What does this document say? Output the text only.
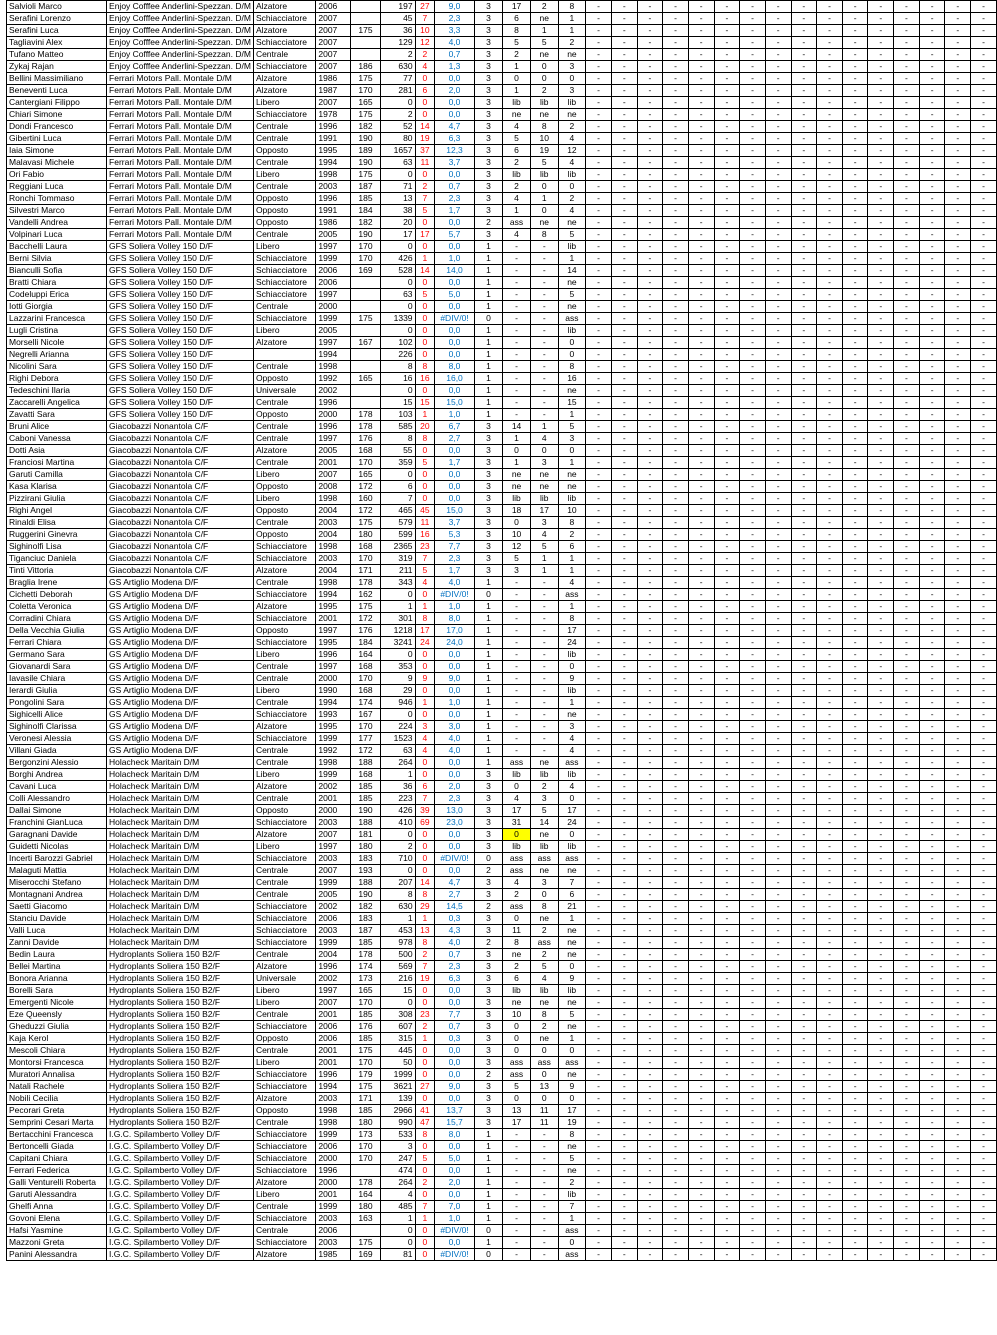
Salvioli Marco	Enjoy Cofffee Anderlini-Spezzan. D/M	Alzatore	2006		197	27	9,0	3	17	2	8	-	-	-	-	-	-	-	-	-	-	-	-	-	-	-	-
Serafini Lorenzo	Enjoy Cofffee Anderlini-Spezzan. D/M	Schiacciatore	2007		45	7	2,3	3	6	ne	1	-	-	-	-	-	-	-	-	-	-	-	-	-	-	-	-
Serafini Luca	Enjoy Cofffee Anderlini-Spezzan. D/M	Alzatore	2007	175	36	10	3,3	3	8	1	1	-	-	-	-	-	-	-	-	-	-	-	-	-	-	-	-
Tagliavini Alex	Enjoy Cofffee Anderlini-Spezzan. D/M	Schiacciatore	2007		129	12	4,0	3	5	5	2	-	-	-	-	-	-	-	-	-	-	-	-	-	-	-	-
Tufano Matteo	Enjoy Cofffee Anderlini-Spezzan. D/M	Centrale	2007		2	2	0,7	3	2	ne	ne	-	-	-	-	-	-	-	-	-	-	-	-	-	-	-	-
Zykaj Rajan	Enjoy Cofffee Anderlini-Spezzan. D/M	Schiacciatore	2007	186	630	4	1,3	3	1	0	3	-	-	-	-	-	-	-	-	-	-	-	-	-	-	-	-
Bellini Massimiliano	Ferrari Motors Pall. Montale D/M	Alzatore	1986	175	77	0	0,0	3	0	0	0	-	-	-	-	-	-	-	-	-	-	-	-	-	-	-	-
Beneventi Luca	Ferrari Motors Pall. Montale D/M	Alzatore	1987	170	281	6	2,0	3	1	2	3	-	-	-	-	-	-	-	-	-	-	-	-	-	-	-	-
Cantergiani Filippo	Ferrari Motors Pall. Montale D/M	Libero	2007	165	0	0	0,0	3	lib	lib	lib	-	-	-	-	-	-	-	-	-	-	-	-	-	-	-	-
Chiari Simone	Ferrari Motors Pall. Montale D/M	Schiacciatore	1978	175	2	0	0,0	3	ne	ne	ne	-	-	-	-	-	-	-	-	-	-	-	-	-	-	-	-
Dondi Francesco	Ferrari Motors Pall. Montale D/M	Centrale	1996	182	52	14	4,7	3	4	8	2	-	-	-	-	-	-	-	-	-	-	-	-	-	-	-	-
Gibertini Luca	Ferrari Motors Pall. Montale D/M	Centrale	1991	190	80	19	6,3	3	5	10	4	-	-	-	-	-	-	-	-	-	-	-	-	-	-	-	-
Iaia Simone	Ferrari Motors Pall. Montale D/M	Opposto	1995	189	1657	37	12,3	3	6	19	12	-	-	-	-	-	-	-	-	-	-	-	-	-	-	-	-
Malavasi Michele	Ferrari Motors Pall. Montale D/M	Centrale	1994	190	63	11	3,7	3	2	5	4	-	-	-	-	-	-	-	-	-	-	-	-	-	-	-	-
Ori Fabio	Ferrari Motors Pall. Montale D/M	Libero	1998	175	0	0	0,0	3	lib	lib	lib	-	-	-	-	-	-	-	-	-	-	-	-	-	-	-	-
Reggiani Luca	Ferrari Motors Pall. Montale D/M	Centrale	2003	187	71	2	0,7	3	2	0	0	-	-	-	-	-	-	-	-	-	-	-	-	-	-	-	-
Ronchi Tommaso	Ferrari Motors Pall. Montale D/M	Opposto	1996	185	13	7	2,3	3	4	1	2	-	-	-	-	-	-	-	-	-	-	-	-	-	-	-	-
Silvestri Marco	Ferrari Motors Pall. Montale D/M	Opposto	1991	184	38	5	1,7	3	1	0	4	-	-	-	-	-	-	-	-	-	-	-	-	-	-	-	-
Vandelli Andrea	Ferrari Motors Pall. Montale D/M	Opposto	1986	182	20	0	0,0	2	ass	ne	ne	-	-	-	-	-	-	-	-	-	-	-	-	-	-	-	-
Volpinari Luca	Ferrari Motors Pall. Montale D/M	Centrale	2005	190	17	17	5,7	3	4	8	5	-	-	-	-	-	-	-	-	-	-	-	-	-	-	-	-
Bacchelli Laura	GFS Soliera Volley 150 D/F	Libero	1997	170	0	0	0,0	1	-	-	lib	-	-	-	-	-	-	-	-	-	-	-	-	-	-	-	-
Berni Silvia	GFS Soliera Volley 150 D/F	Schiacciatore	1999	170	426	1	1,0	1	-	-	1	-	-	-	-	-	-	-	-	-	-	-	-	-	-	-	-
Bianculli Sofia	GFS Soliera Volley 150 D/F	Schiacciatore	2006	169	528	14	14,0	1	-	-	14	-	-	-	-	-	-	-	-	-	-	-	-	-	-	-	-
Bratti Chiara	GFS Soliera Volley 150 D/F	Schiacciatore	2006		0	0	0,0	1	-	-	ne	-	-	-	-	-	-	-	-	-	-	-	-	-	-	-	-
Codeluppi Erica	GFS Soliera Volley 150 D/F	Schiacciatore	1997		63	5	5,0	1	-	-	5	-	-	-	-	-	-	-	-	-	-	-	-	-	-	-	-
Iotti Giorgia	GFS Soliera Volley 150 D/F	Centrale	2000		0	0	0,0	1	-	-	ne	-	-	-	-	-	-	-	-	-	-	-	-	-	-	-	-
Lazzarini Francesca	GFS Soliera Volley 150 D/F	Schiacciatore	1999	175	1339	0	#DIV/0!	0	-	-	ass	-	-	-	-	-	-	-	-	-	-	-	-	-	-	-	-
Lugli Cristina	GFS Soliera Volley 150 D/F	Libero	2005		0	0	0,0	1	-	-	lib	-	-	-	-	-	-	-	-	-	-	-	-	-	-	-	-
Morselli Nicole	GFS Soliera Volley 150 D/F	Alzatore	1997	167	102	0	0,0	1	-	-	0	-	-	-	-	-	-	-	-	-	-	-	-	-	-	-	-
Negrelli Arianna	GFS Soliera Volley 150 D/F		1994		226	0	0,0	1	-	-	0	-	-	-	-	-	-	-	-	-	-	-	-	-	-	-	-
Nicolini Sara	GFS Soliera Volley 150 D/F	Centrale	1998		8	8	8,0	1	-	-	8	-	-	-	-	-	-	-	-	-	-	-	-	-	-	-	-
Righi Debora	GFS Soliera Volley 150 D/F	Opposto	1992	165	16	16	16,0	1	-	-	16	-	-	-	-	-	-	-	-	-	-	-	-	-	-	-	-
Tedeschini Ilaria	GFS Soliera Volley 150 D/F	Universale	2002		0	0	0,0	1	-	-	ne	-	-	-	-	-	-	-	-	-	-	-	-	-	-	-	-
Zaccarelli Angelica	GFS Soliera Volley 150 D/F	Centrale	1996		15	15	15,0	1	-	-	15	-	-	-	-	-	-	-	-	-	-	-	-	-	-	-	-
Zavatti Sara	GFS Soliera Volley 150 D/F	Opposto	2000	178	103	1	1,0	1	-	-	1	-	-	-	-	-	-	-	-	-	-	-	-	-	-	-	-
Bruni Alice	Giacobazzi Nonantola C/F	Centrale	1996	178	585	20	6,7	3	14	1	5	-	-	-	-	-	-	-	-	-	-	-	-	-	-	-	-
Caboni Vanessa	Giacobazzi Nonantola C/F	Centrale	1997	176	8	8	2,7	3	1	4	3	-	-	-	-	-	-	-	-	-	-	-	-	-	-	-	-
Dotti Asia	Giacobazzi Nonantola C/F	Alzatore	2005	168	55	0	0,0	3	0	0	0	-	-	-	-	-	-	-	-	-	-	-	-	-	-	-	-
Franciosi Martina	Giacobazzi Nonantola C/F	Centrale	2001	170	359	5	1,7	3	1	3	1	-	-	-	-	-	-	-	-	-	-	-	-	-	-	-	-
Garuti Camilla	Giacobazzi Nonantola C/F	Libero	2007	165	0	0	0,0	3	ne	ne	ne	-	-	-	-	-	-	-	-	-	-	-	-	-	-	-	-
Kasa Klarisa	Giacobazzi Nonantola C/F	Opposto	2008	172	6	0	0,0	3	ne	ne	ne	-	-	-	-	-	-	-	-	-	-	-	-	-	-	-	-
Pizzirani Giulia	Giacobazzi Nonantola C/F	Libero	1998	160	7	0	0,0	3	lib	lib	lib	-	-	-	-	-	-	-	-	-	-	-	-	-	-	-	-
Righi Angel	Giacobazzi Nonantola C/F	Opposto	2004	172	465	45	15,0	3	18	17	10	-	-	-	-	-	-	-	-	-	-	-	-	-	-	-	-
Rinaldi Elisa	Giacobazzi Nonantola C/F	Centrale	2003	175	579	11	3,7	3	0	3	8	-	-	-	-	-	-	-	-	-	-	-	-	-	-	-	-
Ruggerini Ginevra	Giacobazzi Nonantola C/F	Opposto	2004	180	599	16	5,3	3	10	4	2	-	-	-	-	-	-	-	-	-	-	-	-	-	-	-	-
Sighinolfi Lisa	Giacobazzi Nonantola C/F	Schiacciatore	1998	168	2365	23	7,7	3	12	5	6	-	-	-	-	-	-	-	-	-	-	-	-	-	-	-	-
Tiganciuc Daniela	Giacobazzi Nonantola C/F	Schiacciatore	2003	170	319	7	2,3	3	5	1	1	-	-	-	-	-	-	-	-	-	-	-	-	-	-	-	-
Tinti Vittoria	Giacobazzi Nonantola C/F	Alzatore	2004	171	211	5	1,7	3	3	1	1	-	-	-	-	-	-	-	-	-	-	-	-	-	-	-	-
Braglia Irene	GS Artiglio Modena D/F	Centrale	1998	178	343	4	4,0	1	-	-	4	-	-	-	-	-	-	-	-	-	-	-	-	-	-	-	-
Cichetti Deborah	GS Artiglio Modena D/F	Schiacciatore	1994	162	0	0	#DIV/0!	0	-	-	ass	-	-	-	-	-	-	-	-	-	-	-	-	-	-	-	-
Coletta Veronica	GS Artiglio Modena D/F	Alzatore	1995	175	1	1	1,0	1	-	-	1	-	-	-	-	-	-	-	-	-	-	-	-	-	-	-	-
Corradini Chiara	GS Artiglio Modena D/F	Schiacciatore	2001	172	301	8	8,0	1	-	-	8	-	-	-	-	-	-	-	-	-	-	-	-	-	-	-	-
Della Vecchia Giulia	GS Artiglio Modena D/F	Opposto	1997	176	1218	17	17,0	1	-	-	17	-	-	-	-	-	-	-	-	-	-	-	-	-	-	-	-
Ferrari Chiara	GS Artiglio Modena D/F	Schiacciatore	1995	184	3241	24	24,0	1	-	-	24	-	-	-	-	-	-	-	-	-	-	-	-	-	-	-	-
Germano Sara	GS Artiglio Modena D/F	Libero	1996	164	0	0	0,0	1	-	-	lib	-	-	-	-	-	-	-	-	-	-	-	-	-	-	-	-
Giovanardi Sara	GS Artiglio Modena D/F	Centrale	1997	168	353	0	0,0	1	-	-	0	-	-	-	-	-	-	-	-	-	-	-	-	-	-	-	-
Iavasile Chiara	GS Artiglio Modena D/F	Centrale	2000	170	9	9	9,0	1	-	-	9	-	-	-	-	-	-	-	-	-	-	-	-	-	-	-	-
Ierardi Giulia	GS Artiglio Modena D/F	Libero	1990	168	29	0	0,0	1	-	-	lib	-	-	-	-	-	-	-	-	-	-	-	-	-	-	-	-
Pongolini Sara	GS Artiglio Modena D/F	Centrale	1994	174	946	1	1,0	1	-	-	1	-	-	-	-	-	-	-	-	-	-	-	-	-	-	-	-
Sighicelli Alice	GS Artiglio Modena D/F	Schiacciatore	1993	167	0	0	0,0	1	-	-	ne	-	-	-	-	-	-	-	-	-	-	-	-	-	-	-	-
Sighinolfi Clarissa	GS Artiglio Modena D/F	Alzatore	1995	170	224	3	3,0	1	-	-	3	-	-	-	-	-	-	-	-	-	-	-	-	-	-	-	-
Veronesi Alessia	GS Artiglio Modena D/F	Schiacciatore	1999	177	1523	4	4,0	1	-	-	4	-	-	-	-	-	-	-	-	-	-	-	-	-	-	-	-
Villani Giada	GS Artiglio Modena D/F	Centrale	1992	172	63	4	4,0	1	-	-	4	-	-	-	-	-	-	-	-	-	-	-	-	-	-	-	-
Bergonzini Alessio	Holacheck Maritain D/M	Centrale	1998	188	264	0	0,0	1	ass	ne	ass	-	-	-	-	-	-	-	-	-	-	-	-	-	-	-	-
Borghi Andrea	Holacheck Maritain D/M	Libero	1999	168	1	0	0,0	3	lib	lib	lib	-	-	-	-	-	-	-	-	-	-	-	-	-	-	-	-
Cavani Luca	Holacheck Maritain D/M	Alzatore	2002	185	36	6	2,0	3	0	2	4	-	-	-	-	-	-	-	-	-	-	-	-	-	-	-	-
Colli Alessandro	Holacheck Maritain D/M	Centrale	2001	185	223	7	2,3	3	4	3	0	-	-	-	-	-	-	-	-	-	-	-	-	-	-	-	-
Dallai Simone	Holacheck Maritain D/M	Opposto	2000	190	426	39	13,0	3	17	5	17	-	-	-	-	-	-	-	-	-	-	-	-	-	-	-	-
Franchini GianLuca	Holacheck Maritain D/M	Schiacciatore	2003	188	410	69	23,0	3	31	14	24	-	-	-	-	-	-	-	-	-	-	-	-	-	-	-	-
Garagnani Davide	Holacheck Maritain D/M	Alzatore	2007	181	0	0	0,0	3	0	ne	0	-	-	-	-	-	-	-	-	-	-	-	-	-	-	-	-
Guidetti Nicolas	Holacheck Maritain D/M	Libero	1997	180	2	0	0,0	3	lib	lib	lib	-	-	-	-	-	-	-	-	-	-	-	-	-	-	-	-
Incerti Barozzi Gabriel	Holacheck Maritain D/M	Schiacciatore	2003	183	710	0	#DIV/0!	0	ass	ass	ass	-	-	-	-	-	-	-	-	-	-	-	-	-	-	-	-
Malaguti Mattia	Holacheck Maritain D/M	Centrale	2007	193	0	0	0,0	2	ass	ne	ne	-	-	-	-	-	-	-	-	-	-	-	-	-	-	-	-
Miserocchi Stefano	Holacheck Maritain D/M	Centrale	1999	188	207	14	4,7	3	4	3	7	-	-	-	-	-	-	-	-	-	-	-	-	-	-	-	-
Montagnani Andrea	Holacheck Maritain D/M	Centrale	2005	190	8	8	2,7	3	2	0	6	-	-	-	-	-	-	-	-	-	-	-	-	-	-	-	-
Saetti Giacomo	Holacheck Maritain D/M	Schiacciatore	2002	182	630	29	14,5	2	ass	8	21	-	-	-	-	-	-	-	-	-	-	-	-	-	-	-	-
Stanciu Davide	Holacheck Maritain D/M	Schiacciatore	2006	183	1	1	0,3	3	0	ne	1	-	-	-	-	-	-	-	-	-	-	-	-	-	-	-	-
Valli Luca	Holacheck Maritain D/M	Schiacciatore	2003	187	453	13	4,3	3	11	2	ne	-	-	-	-	-	-	-	-	-	-	-	-	-	-	-	-
Zanni Davide	Holacheck Maritain D/M	Schiacciatore	1999	185	978	8	4,0	2	8	ass	ne	-	-	-	-	-	-	-	-	-	-	-	-	-	-	-	-
Bedin Laura	Hydroplants Soliera 150 B2/F	Centrale	2004	178	500	2	0,7	3	ne	2	ne	-	-	-	-	-	-	-	-	-	-	-	-	-	-	-	-
Bellei Martina	Hydroplants Soliera 150 B2/F	Alzatore	1996	174	569	7	2,3	3	2	5	0	-	-	-	-	-	-	-	-	-	-	-	-	-	-	-	-
Bonora Arianna	Hydroplants Soliera 150 B2/F	Universale	2002	173	216	19	6,3	3	6	4	9	-	-	-	-	-	-	-	-	-	-	-	-	-	-	-	-
Borelli Sara	Hydroplants Soliera 150 B2/F	Libero	1997	165	15	0	0,0	3	lib	lib	lib	-	-	-	-	-	-	-	-	-	-	-	-	-	-	-	-
Emergenti Nicole	Hydroplants Soliera 150 B2/F	Libero	2007	170	0	0	0,0	3	ne	ne	ne	-	-	-	-	-	-	-	-	-	-	-	-	-	-	-	-
Eze Queensly	Hydroplants Soliera 150 B2/F	Centrale	2001	185	308	23	7,7	3	10	8	5	-	-	-	-	-	-	-	-	-	-	-	-	-	-	-	-
Gheduzzi Giulia	Hydroplants Soliera 150 B2/F	Schiacciatore	2006	176	607	2	0,7	3	0	2	ne	-	-	-	-	-	-	-	-	-	-	-	-	-	-	-	-
Kaja Kerol	Hydroplants Soliera 150 B2/F	Opposto	2006	185	315	1	0,3	3	0	ne	1	-	-	-	-	-	-	-	-	-	-	-	-	-	-	-	-
Mescoli Chiara	Hydroplants Soliera 150 B2/F	Centrale	2001	175	445	0	0,0	3	0	0	0	-	-	-	-	-	-	-	-	-	-	-	-	-	-	-	-
Montorsi Francesca	Hydroplants Soliera 150 B2/F	Libero	2001	170	50	0	0,0	3	ass	ass	ass	-	-	-	-	-	-	-	-	-	-	-	-	-	-	-	-
Muratori Annalisa	Hydroplants Soliera 150 B2/F	Schiacciatore	1996	179	1999	0	0,0	2	ass	0	ne	-	-	-	-	-	-	-	-	-	-	-	-	-	-	-	-
Natali Rachele	Hydroplants Soliera 150 B2/F	Schiacciatore	1994	175	3621	27	9,0	3	5	13	9	-	-	-	-	-	-	-	-	-	-	-	-	-	-	-	-
Nobili Cecilia	Hydroplants Soliera 150 B2/F	Alzatore	2003	171	139	0	0,0	3	0	0	0	-	-	-	-	-	-	-	-	-	-	-	-	-	-	-	-
Pecorari Greta	Hydroplants Soliera 150 B2/F	Opposto	1998	185	2966	41	13,7	3	13	11	17	-	-	-	-	-	-	-	-	-	-	-	-	-	-	-	-
Semprini Cesari Marta	Hydroplants Soliera 150 B2/F	Centrale	1998	180	990	47	15,7	3	17	11	19	-	-	-	-	-	-	-	-	-	-	-	-	-	-	-	-
Bertacchini Francesca	I.G.C. Spilamberto Volley D/F	Schiacciatore	1999	173	533	8	8,0	1	-	-	8	-	-	-	-	-	-	-	-	-	-	-	-	-	-	-	-
Bertoncelli Giada	I.G.C. Spilamberto Volley D/F	Schiacciatore	2006	170	3	0	0,0	1	-	-	ne	-	-	-	-	-	-	-	-	-	-	-	-	-	-	-	-
Capitani Chiara	I.G.C. Spilamberto Volley D/F	Schiacciatore	2000	170	247	5	5,0	1	-	-	5	-	-	-	-	-	-	-	-	-	-	-	-	-	-	-	-
Ferrari Federica	I.G.C. Spilamberto Volley D/F	Schiacciatore	1996		474	0	0,0	1	-	-	ne	-	-	-	-	-	-	-	-	-	-	-	-	-	-	-	-
Galli Venturelli Roberta	I.G.C. Spilamberto Volley D/F	Alzatore	2000	178	264	2	2,0	1	-	-	2	-	-	-	-	-	-	-	-	-	-	-	-	-	-	-	-
Garuti Alessandra	I.G.C. Spilamberto Volley D/F	Libero	2001	164	4	0	0,0	1	-	-	lib	-	-	-	-	-	-	-	-	-	-	-	-	-	-	-	-
Ghelfi Anna	I.G.C. Spilamberto Volley D/F	Centrale	1999	180	485	7	7,0	1	-	-	7	-	-	-	-	-	-	-	-	-	-	-	-	-	-	-	-
Govoni Elena	I.G.C. Spilamberto Volley D/F	Schiacciatore	2003	163	1	1	1,0	1	-	-	1	-	-	-	-	-	-	-	-	-	-	-	-	-	-	-	-
Hafsi Yasmine	I.G.C. Spilamberto Volley D/F	Centrale	2006		0	0	#DIV/0!	0	-	-	ass	-	-	-	-	-	-	-	-	-	-	-	-	-	-	-	-
Mazzoni Greta	I.G.C. Spilamberto Volley D/F	Schiacciatore	2003	175	0	0	0,0	1	-	-	0	-	-	-	-	-	-	-	-	-	-	-	-	-	-	-	-
Panini Alessandra	I.G.C. Spilamberto Volley D/F	Alzatore	1985	169	81	0	#DIV/0!	0	-	-	ass	-	-	-	-	-	-	-	-	-	-	-	-	-	-	-	-
